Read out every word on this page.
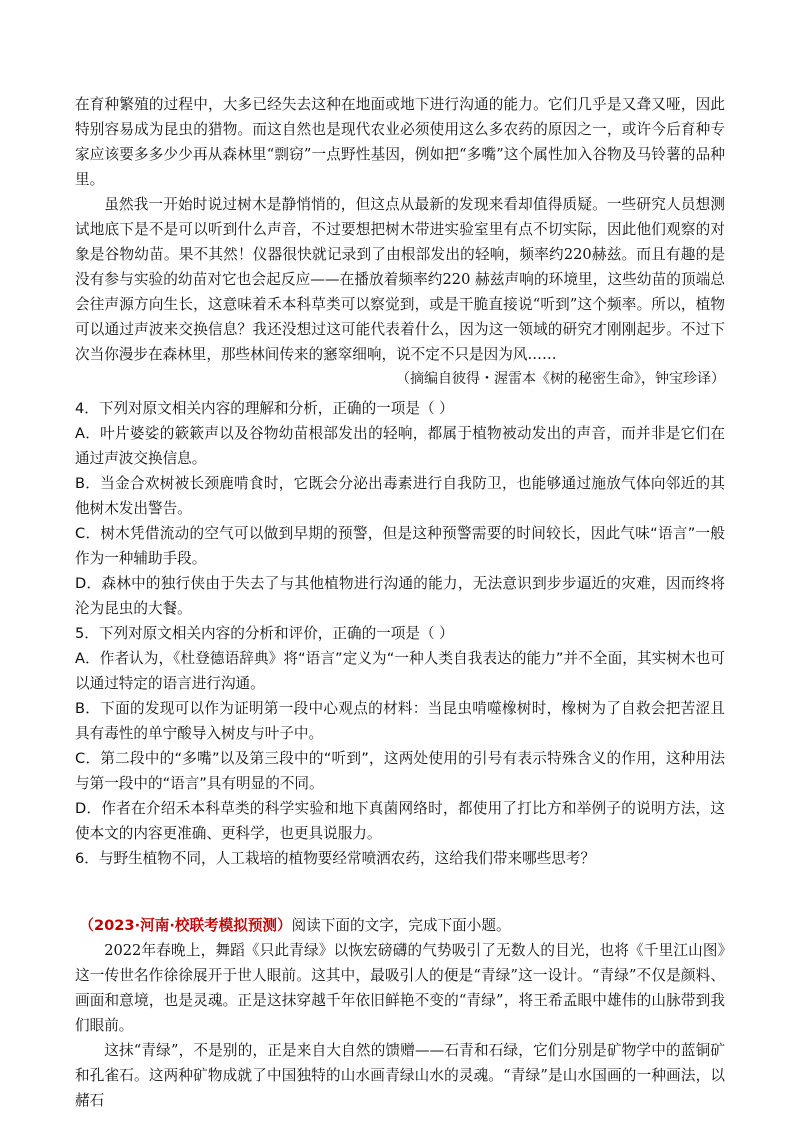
在育种繁殖的过程中，大多已经失去这种在地面或地下进行沟通的能力。它们几乎是又聋又哑，因此特别容易成为昆虫的猎物。而这自然也是现代农业必须使用这么多农药的原因之一，或许今后育种专家应该要多多少少再从森林里“剽窃”一点野性基因，例如把“多嘴”这个属性加入谷物及马铃薯的品种里。

虽然我一开始时说过树木是静悄悄的，但这点从最新的发现来看却值得质疑。一些研究人员想测试地底下是不是可以听到什么声音，不过要想把树木带进实验室里有点不切实际，因此他们观察的对象是谷物幼苗。果不其然！仪器很快就记录到了由根部发出的轻响，频率约220赫兹。而且有趣的是没有参与实验的幼苗对它也会起反应——在播放着频率约220 赫兹声响的环境里，这些幼苗的顶端总会往声源方向生长，这意味着禾本科草类可以察觉到，或是干脆直接说“听到”这个频率。所以，植物可以通过声波来交换信息？我还没想过这可能代表着什么，因为这一领域的研究才刚刚起步。不过下次当你漫步在森林里，那些林间传来的窸窣细响，说不定不只是因为风……

（摘编自彼得・渥雷本《树的秘密生命》，钟宝珍译）

4．下列对原文相关内容的理解和分析，正确的一项是（ ）

A．叶片婆娑的簌簌声以及谷物幼苗根部发出的轻响，都属于植物被动发出的声音，而并非是它们在通过声波交换信息。

B．当金合欢树被长颈鹿啃食时，它既会分泌出毒素进行自我防卫，也能够通过施放气体向邻近的其他树木发出警告。

C．树木凭借流动的空气可以做到早期的预警，但是这种预警需要的时间较长，因此气味“语言”一般作为一种辅助手段。

D．森林中的独行侠由于失去了与其他植物进行沟通的能力，无法意识到步步逼近的灾难，因而终将沦为昆虫的大餐。

5．下列对原文相关内容的分析和评价，正确的一项是（ ）

A．作者认为，《杜登德语辞典》将“语言”定义为“一种人类自我表达的能力”并不全面，其实树木也可以通过特定的语言进行沟通。

B．下面的发现可以作为证明第一段中心观点的材料：当昆虫啃噬橡树时，橡树为了自救会把苦涩且具有毒性的单宁酸导入树皮与叶子中。

C．第二段中的“多嘴”以及第三段中的“听到”，这两处使用的引号有表示特殊含义的作用，这种用法与第一段中的“语言”具有明显的不同。

D．作者在介绍禾本科草类的科学实验和地下真菌网络时，都使用了打比方和举例子的说明方法，这使本文的内容更准确、更科学，也更具说服力。

6．与野生植物不同，人工栽培的植物要经常喷洒农药，这给我们带来哪些思考？

（2023·河南·校联考模拟预测）阅读下面的文字，完成下面小题。

2022年春晚上，舞蹈《只此青绿》以恢宏磅礴的气势吸引了无数人的目光，也将《千里江山图》这一传世名作徐徐展开于世人眼前。这其中，最吸引人的便是“青绿”这一设计。“青绿”不仅是颜料、画面和意境，也是灵魂。正是这抹穿越千年依旧鲜艳不变的“青绿”，将王希孟眼中雄伟的山脉带到我们眼前。

这抹“青绿”，不是别的，正是来自大自然的馈赠——石青和石绿，它们分别是矿物学中的蓝铜矿和孔雀石。这两种矿物成就了中国独特的山水画青绿山水的灵魂。“青绿”是山水国画的一种画法，以赭石
